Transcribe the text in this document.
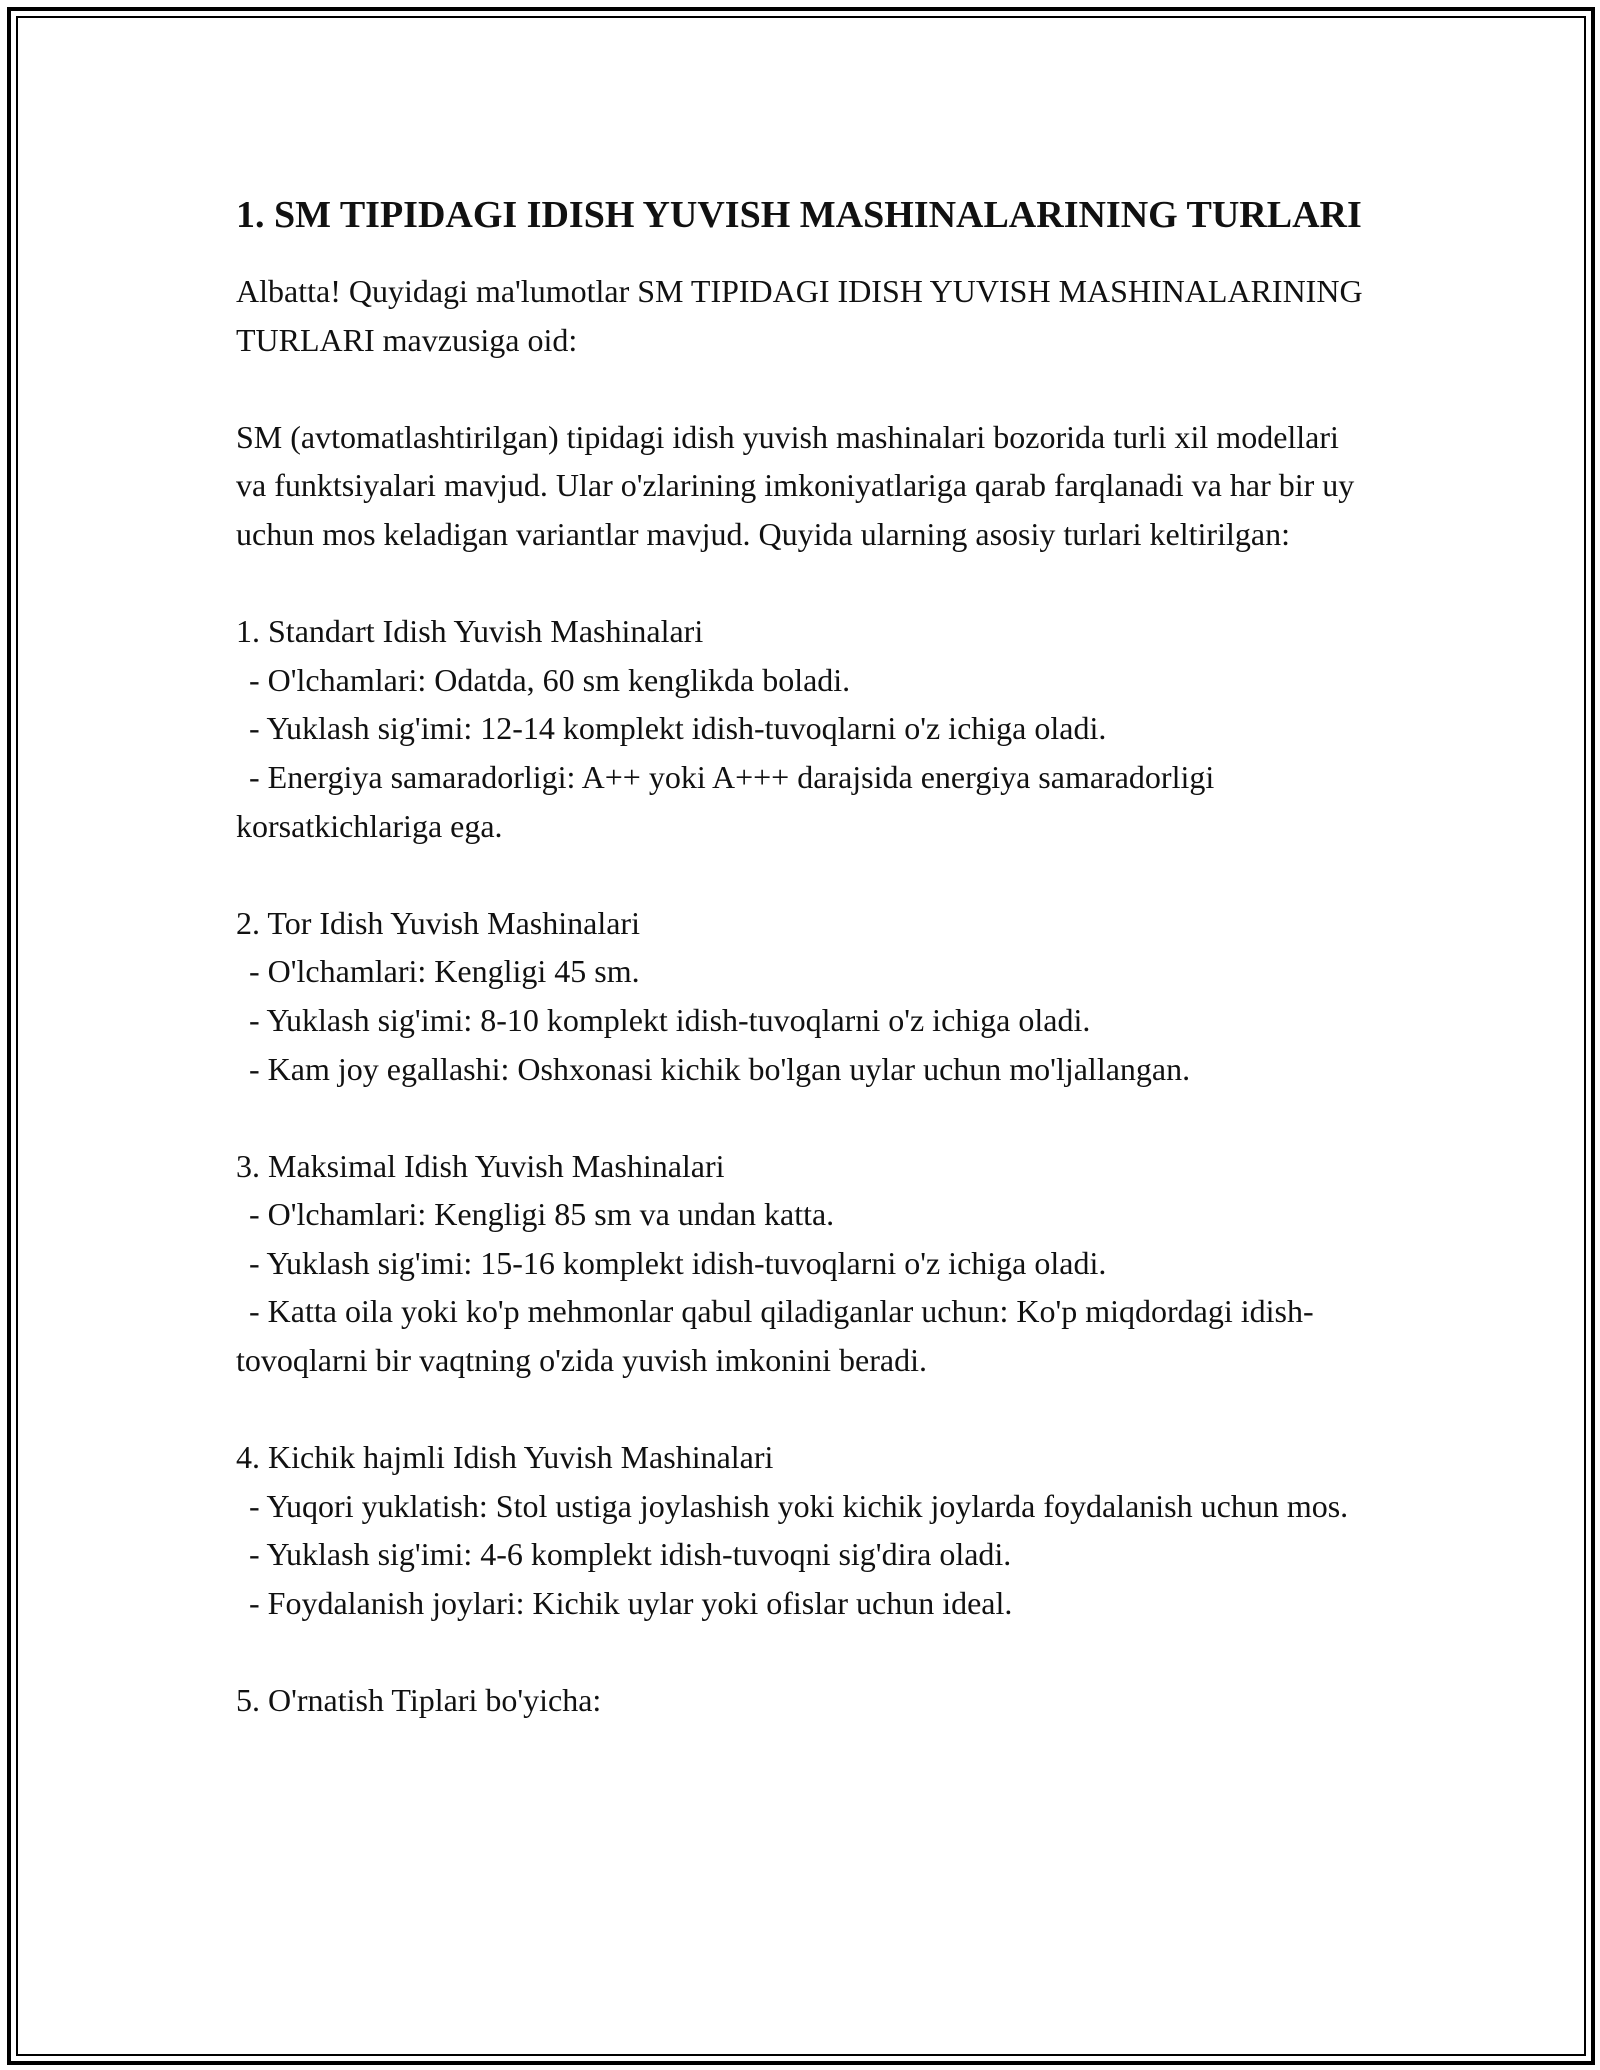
1. SM TIPIDAGI IDISH YUVISH MASHINALARINING TURLARI

Albatta! Quyidagi ma'lumotlar SM TIPIDAGI IDISH YUVISH MASHINALARINING TURLARI mavzusiga oid:

SM (avtomatlashtirilgan) tipidagi idish yuvish mashinalari bozorida turli xil modellari va funktsiyalari mavjud. Ular o'zlarining imkoniyatlariga qarab farqlanadi va har bir uy uchun mos keladigan variantlar mavjud. Quyida ularning asosiy turlari keltirilgan:

1. Standart Idish Yuvish Mashinalari

- O'lchamlari: Odatda, 60 sm kenglikda boladi.

- Yuklash sig'imi: 12-14 komplekt idish-tuvoqlarni o'z ichiga oladi.

- Energiya samaradorligi: A++ yoki A+++ darajsida energiya samaradorligi korsatkichlariga ega.

2. Tor Idish Yuvish Mashinalari

- O'lchamlari: Kengligi 45 sm.

- Yuklash sig'imi: 8-10 komplekt idish-tuvoqlarni o'z ichiga oladi.

- Kam joy egallashi: Oshxonasi kichik bo'lgan uylar uchun mo'ljallangan.

3. Maksimal Idish Yuvish Mashinalari

- O'lchamlari: Kengligi 85 sm va undan katta.

- Yuklash sig'imi: 15-16 komplekt idish-tuvoqlarni o'z ichiga oladi.

- Katta oila yoki ko'p mehmonlar qabul qiladiganlar uchun: Ko'p miqdordagi idish-tovoqlarni bir vaqtning o'zida yuvish imkonini beradi.

4. Kichik hajmli Idish Yuvish Mashinalari

- Yuqori yuklatish: Stol ustiga joylashish yoki kichik joylarda foydalanish uchun mos.

- Yuklash sig'imi: 4-6 komplekt idish-tuvoqni sig'dira oladi.

- Foydalanish joylari: Kichik uylar yoki ofislar uchun ideal.

5. O'rnatish Tiplari bo'yicha:
